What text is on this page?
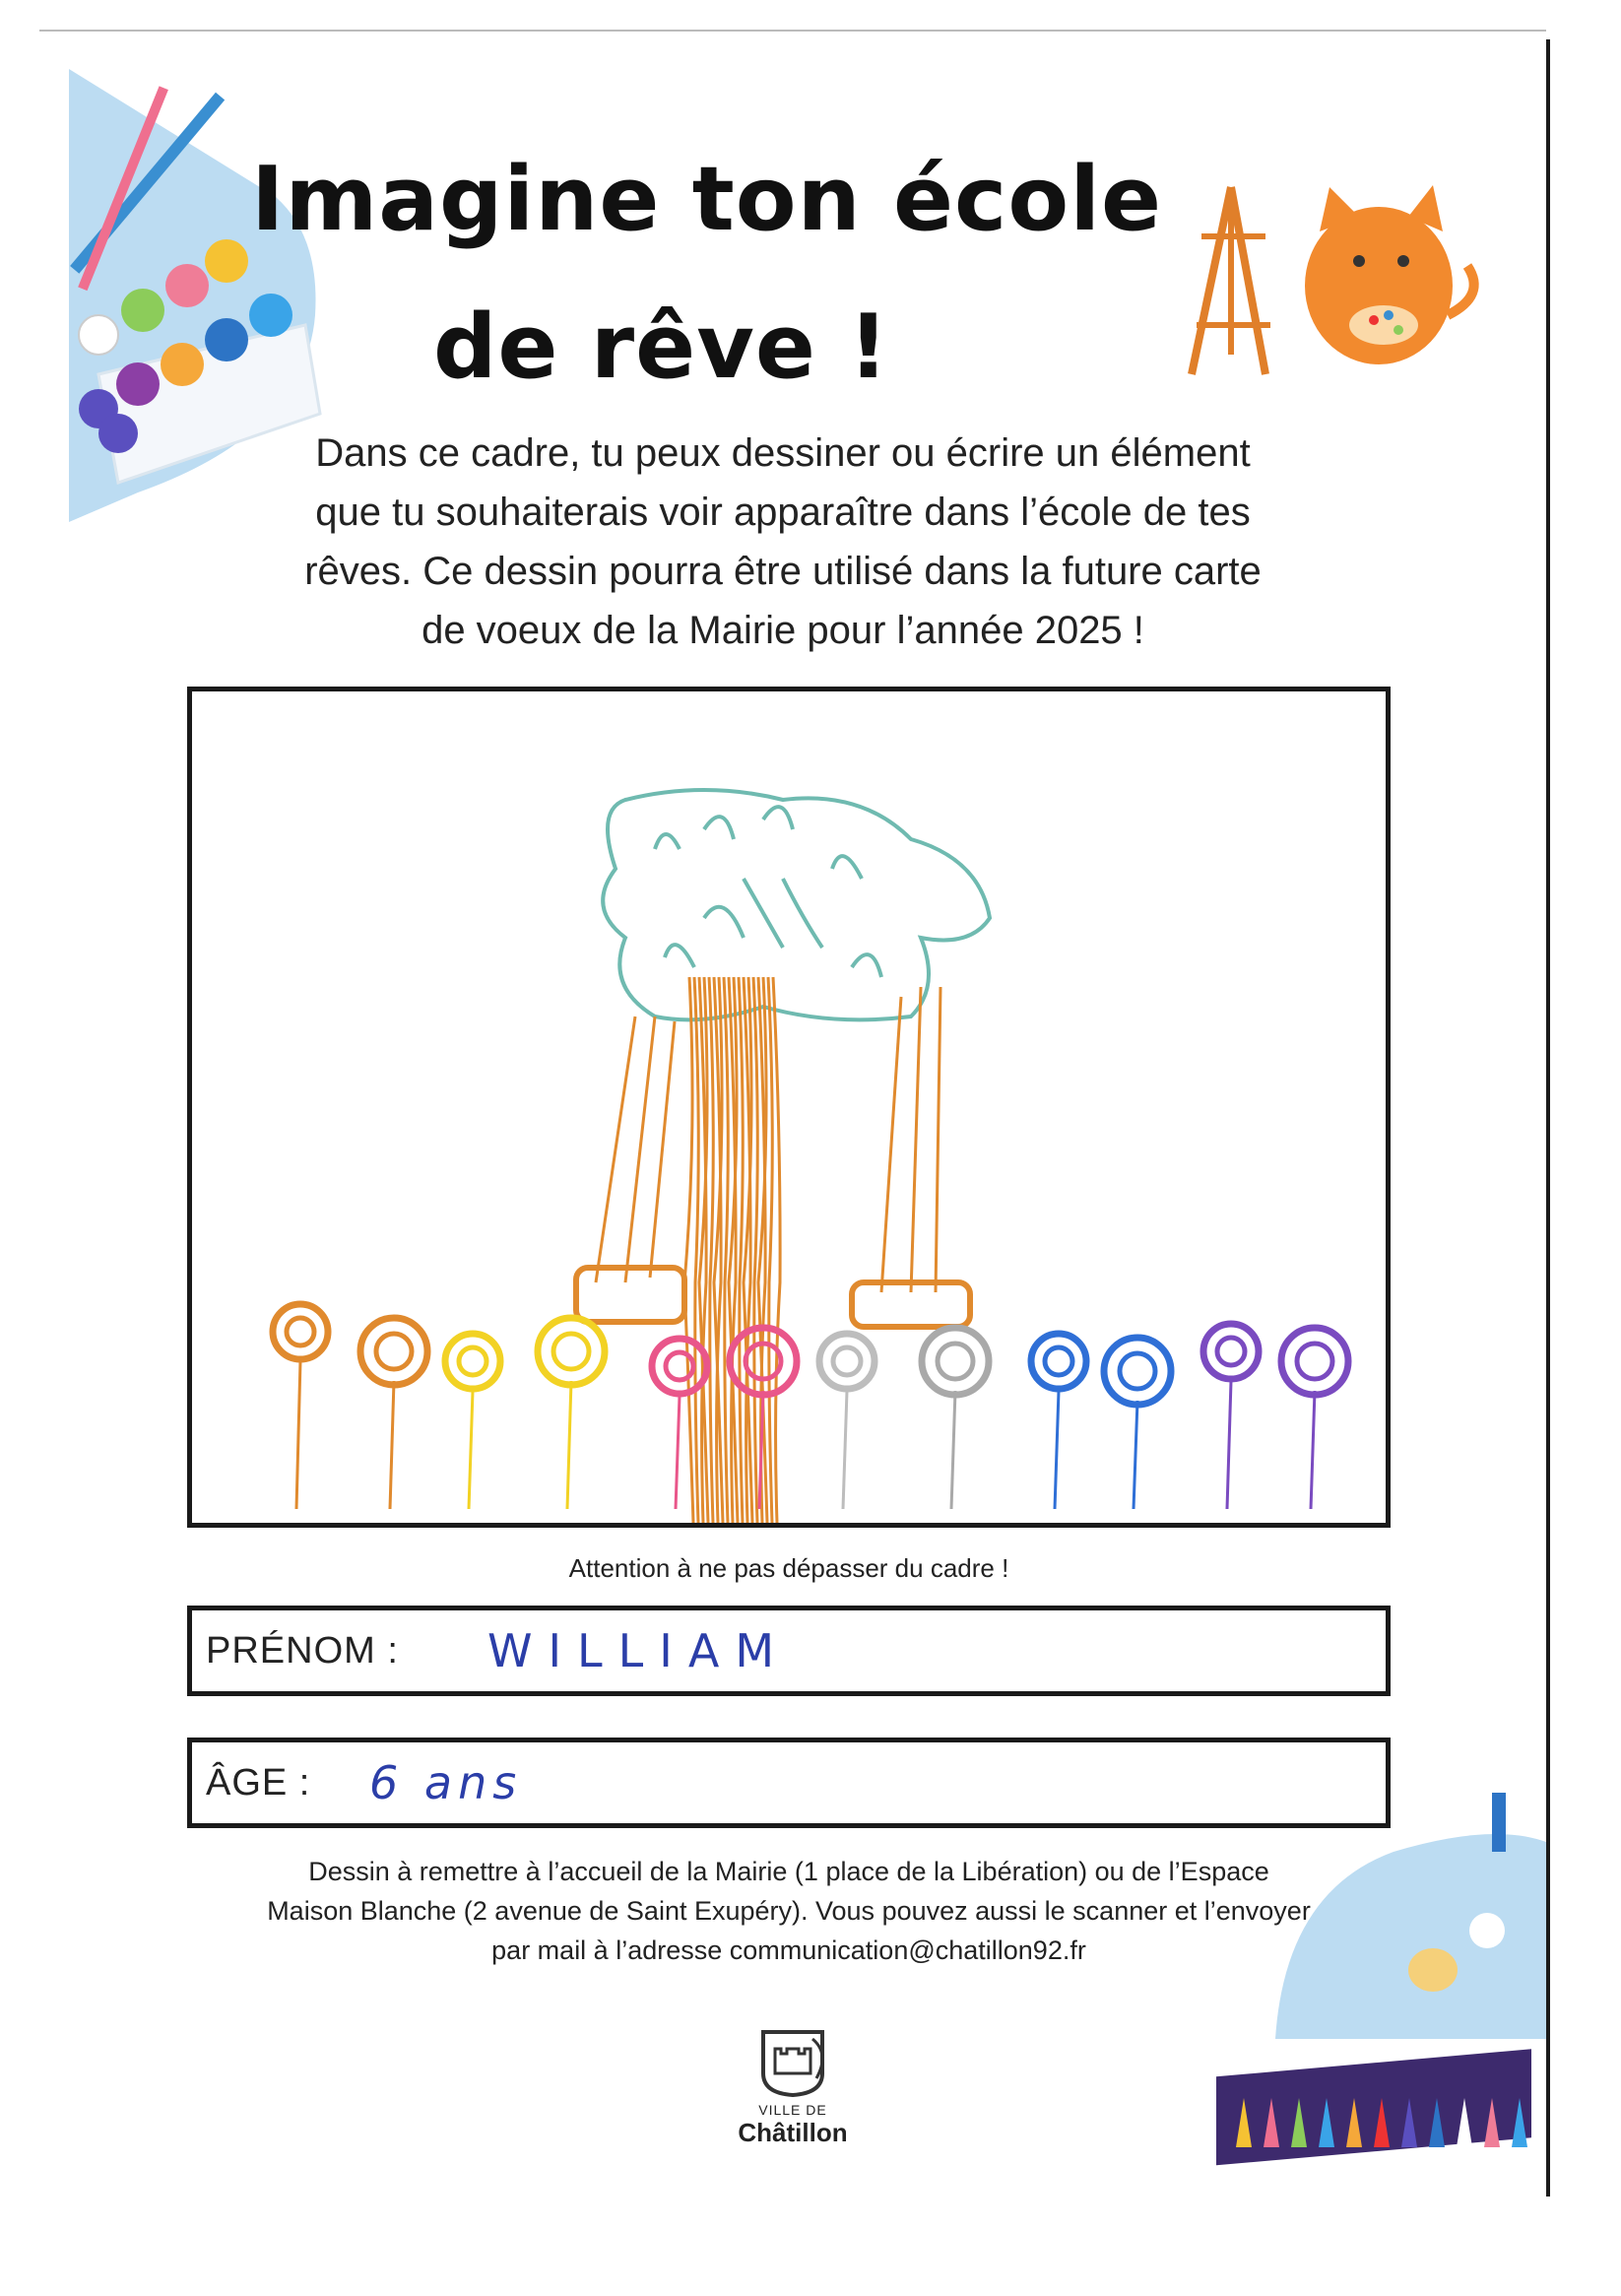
Imagine ton école
de rêve !
Dans ce cadre, tu peux dessiner ou écrire un élément
que tu souhaiterais voir apparaître dans l’école de tes
rêves. Ce dessin pourra être utilisé dans la future carte
de voeux de la Mairie pour l’année 2025 !
Attention à ne pas dépasser du cadre !
PRÉNOM : WILLIAM
ÂGE : 6 ans
Dessin à remettre à l’accueil de la Mairie (1 place de la Libération) ou de l’Espace
Maison Blanche (2 avenue de Saint Exupéry). Vous pouvez aussi le scanner et l’envoyer
par mail à l’adresse communication@chatillon92.fr
VILLE DE
Châtillon
